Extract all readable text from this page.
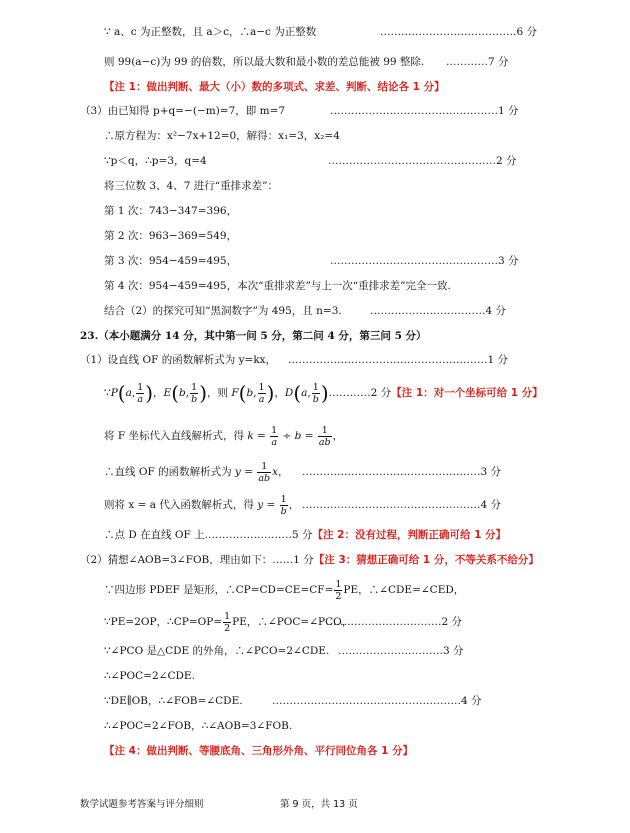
∵ a、c 为正整数，且 a＞c，∴a−c 为正整数	…………………………………6 分
则 99(a−c)为 99 的倍数，所以最大数和最小数的差总能被 99 整除. …………7 分
【注 1：做出判断、最大（小）数的多项式、求差、判断、结论各 1 分】
（3）由已知得 p+q=−(−m)=7，即 m=7	…………………………………………1 分
∴原方程为：x²−7x+12=0，解得：x₁=3，x₂=4
∵p＜q，∴p=3，q=4	…………………………………………2 分
将三位数 3、4、7 进行“重排求差”：
第 1 次：743−347=396，
第 2 次：963−369=549，
第 3 次：954−459=495，	…………………………………………3 分
第 4 次：954−459=495，本次“重排求差”与上一次“重排求差”完全一致.
结合（2）的探究可知“黑洞数字”为 495，且 n=3.	……………………………4 分
23.（本小题满分 14 分，其中第一问 5 分，第二问 4 分，第三问 5 分）
（1）设直线 OF 的函数解析式为 y=kx， …………………………………………………1 分
∵P(a, $\frac{1}{a}$ )，E(b, $\frac{1}{b}$ )，则 F(b, $\frac{1}{a}$ )，D(a, $\frac{1}{b}$ )…………2 分【注 1：对一个坐标可给 1 分】
将 F 坐标代入直线解析式，得 $k = \frac{1}{a} \div b = \frac{1}{ab}$ ，
∴直线 OF 的函数解析式为 $y = \frac{1}{ab}$ x， ……………………………………………3 分
则将 x = a 代入函数解析式，得 $y = \frac{1}{b}$ ， ……………………………………………4 分
∴点 D 在直线 OF 上.……………………5 分【注 2：没有过程，判断正确可给 1 分】
（2）猜想∠AOB=3∠FOB，理由如下：……1 分【注 3：猜想正确可给 1 分，不等关系不给分】
∵四边形 PDEF 是矩形，∴CP=CD=CE=CF= $\frac{1}{2}$ PE，∴∠CDE=∠CED，
∵PE=2OP，∴CP=OP= $\frac{1}{2}$ PE，∴∠POC=∠PCO，
……………………………2 分
∵∠PCO 是△CDE 的外角，∴∠PCO=2∠CDE. …………………………3 分
∴∠POC=2∠CDE.
∵DE∥OB，∴∠FOB=∠CDE.	………………………………………………4 分
∴∠POC=2∠FOB，∴∠AOB=3∠FOB.
【注 4：做出判断、等腰底角、三角形外角、平行同位角各 1 分】
数学试题参考答案与评分细则	第 9 页，共 13 页
